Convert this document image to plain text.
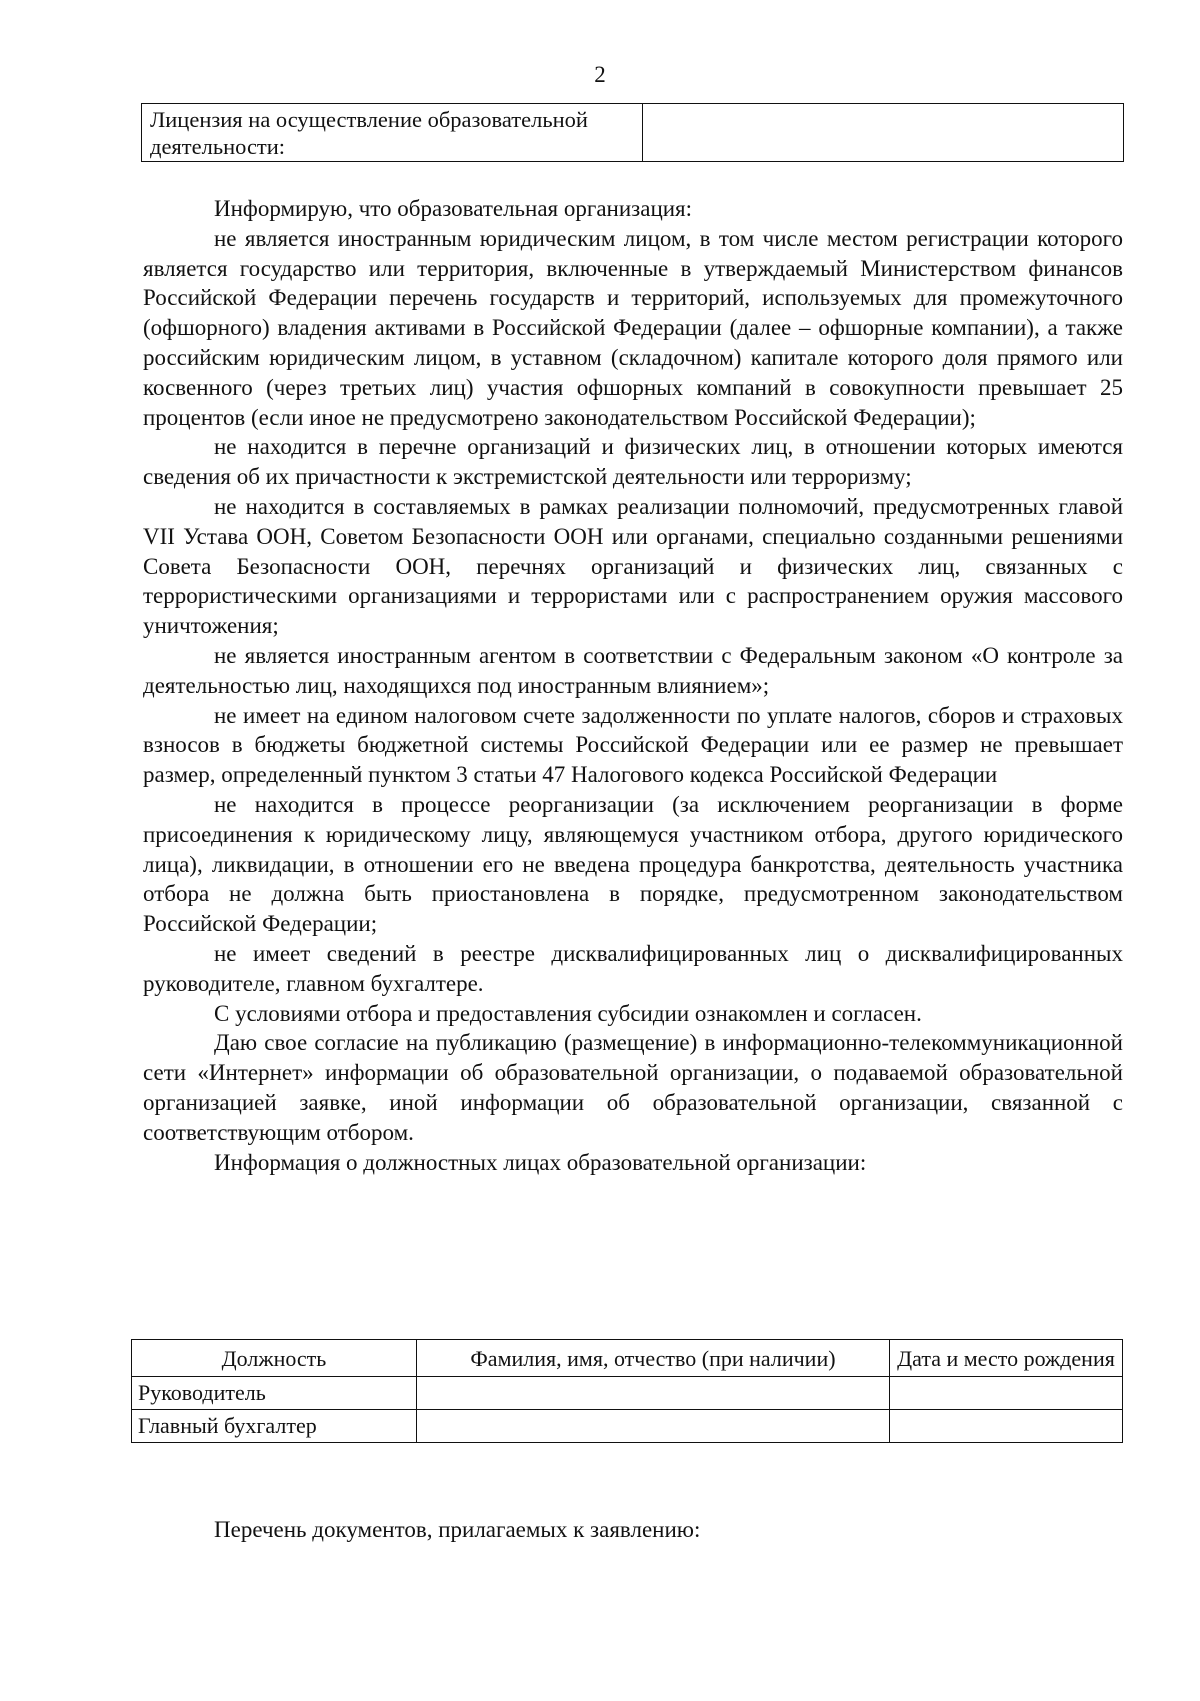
2
Лицензия на осуществление образовательной деятельности:	

Информирую, что образовательная организация:

не является иностранным юридическим лицом, в том числе местом регистрации которого является государство или территория, включенные в утверждаемый Министерством финансов Российской Федерации перечень государств и территорий, используемых для промежуточного (офшорного) владения активами в Российской Федерации (далее – офшорные компании), а также российским юридическим лицом, в уставном (складочном) капитале которого доля прямого или косвенного (через третьих лиц) участия офшорных компаний в совокупности превышает 25 процентов (если иное не предусмотрено законодательством Российской Федерации);

не находится в перечне организаций и физических лиц, в отношении которых имеются сведения об их причастности к экстремистской деятельности или терроризму;

не находится в составляемых в рамках реализации полномочий, предусмотренных главой VII Устава ООН, Советом Безопасности ООН или органами, специально созданными решениями Совета Безопасности ООН, перечнях организаций и физических лиц, связанных с террористическими организациями и террористами или с распространением оружия массового уничтожения;

не является иностранным агентом в соответствии с Федеральным законом «О контроле за деятельностью лиц, находящихся под иностранным влиянием»;

не имеет на едином налоговом счете задолженности по уплате налогов, сборов и страховых взносов в бюджеты бюджетной системы Российской Федерации или ее размер не превышает размер, определенный пунктом 3 статьи 47 Налогового кодекса Российской Федерации

не находится в процессе реорганизации (за исключением реорганизации в форме присоединения к юридическому лицу, являющемуся участником отбора, другого юридического лица), ликвидации, в отношении его не введена процедура банкротства, деятельность участника отбора не должна быть приостановлена в порядке, предусмотренном законодательством Российской Федерации;

не имеет сведений в реестре дисквалифицированных лиц о дисквалифицированных руководителе, главном бухгалтере.

С условиями отбора и предоставления субсидии ознакомлен и согласен.

Даю свое согласие на публикацию (размещение) в информационно-телекоммуникационной сети «Интернет» информации об образовательной организации, о подаваемой образовательной организацией заявке, иной информации об образовательной организации, связанной с соответствующим отбором.

Информация о должностных лицах образовательной организации:

Должность	Фамилия, имя, отчество (при наличии)	Дата и место рождения
Руководитель		
Главный бухгалтер		
Перечень документов, прилагаемых к заявлению:
